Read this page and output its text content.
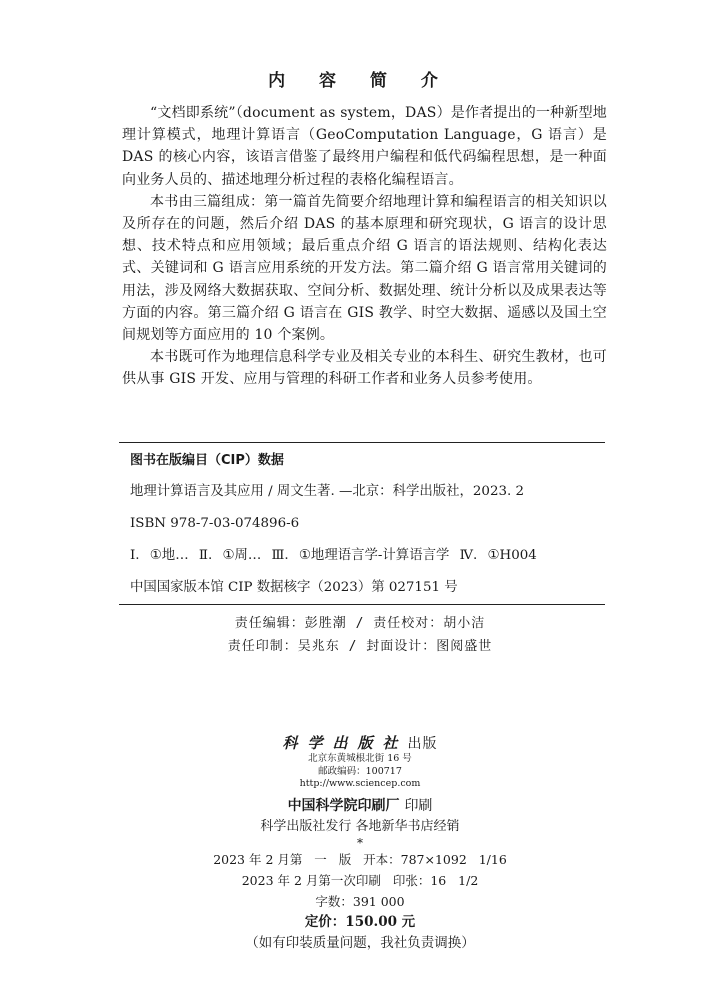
内 容 简 介

“文档即系统”（document as system，DAS）是作者提出的一种新型地理计算模式，地理计算语言（GeoComputation Language，G 语言）是 DAS 的核心内容，该语言借鉴了最终用户编程和低代码编程思想，是一种面向业务人员的、描述地理分析过程的表格化编程语言。

本书由三篇组成：第一篇首先简要介绍地理计算和编程语言的相关知识以及所存在的问题，然后介绍 DAS 的基本原理和研究现状，G 语言的设计思想、技术特点和应用领域；最后重点介绍 G 语言的语法规则、结构化表达式、关键词和 G 语言应用系统的开发方法。第二篇介绍 G 语言常用关键词的用法，涉及网络大数据获取、空间分析、数据处理、统计分析以及成果表达等方面的内容。第三篇介绍 G 语言在 GIS 教学、时空大数据、遥感以及国土空间规划等方面应用的 10 个案例。

本书既可作为地理信息科学专业及相关专业的本科生、研究生教材，也可供从事 GIS 开发、应用与管理的科研工作者和业务人员参考使用。

图书在版编目（CIP）数据
地理计算语言及其应用 / 周文生著. —北京：科学出版社，2023. 2
ISBN 978-7-03-074896-6
Ⅰ. ①地… Ⅱ. ①周… Ⅲ. ①地理语言学-计算语言学 Ⅳ. ①H004
中国国家版本馆 CIP 数据核字（2023）第 027151 号
责任编辑：彭胜潮 / 责任校对：胡小洁
责任印制：吴兆东 / 封面设计：图阅盛世
科学出版社出版
北京东黄城根北街 16 号
邮政编码：100717
http://www.sciencep.com
中国科学院印刷厂 印刷
科学出版社发行 各地新华书店经销
*
2023 年 2 月第   一   版   开本：787×1092   1/16
2023 年 2 月第一次印刷   印张：16   1/2
字数：391 000
定价：150.00 元
（如有印装质量问题，我社负责调换）
